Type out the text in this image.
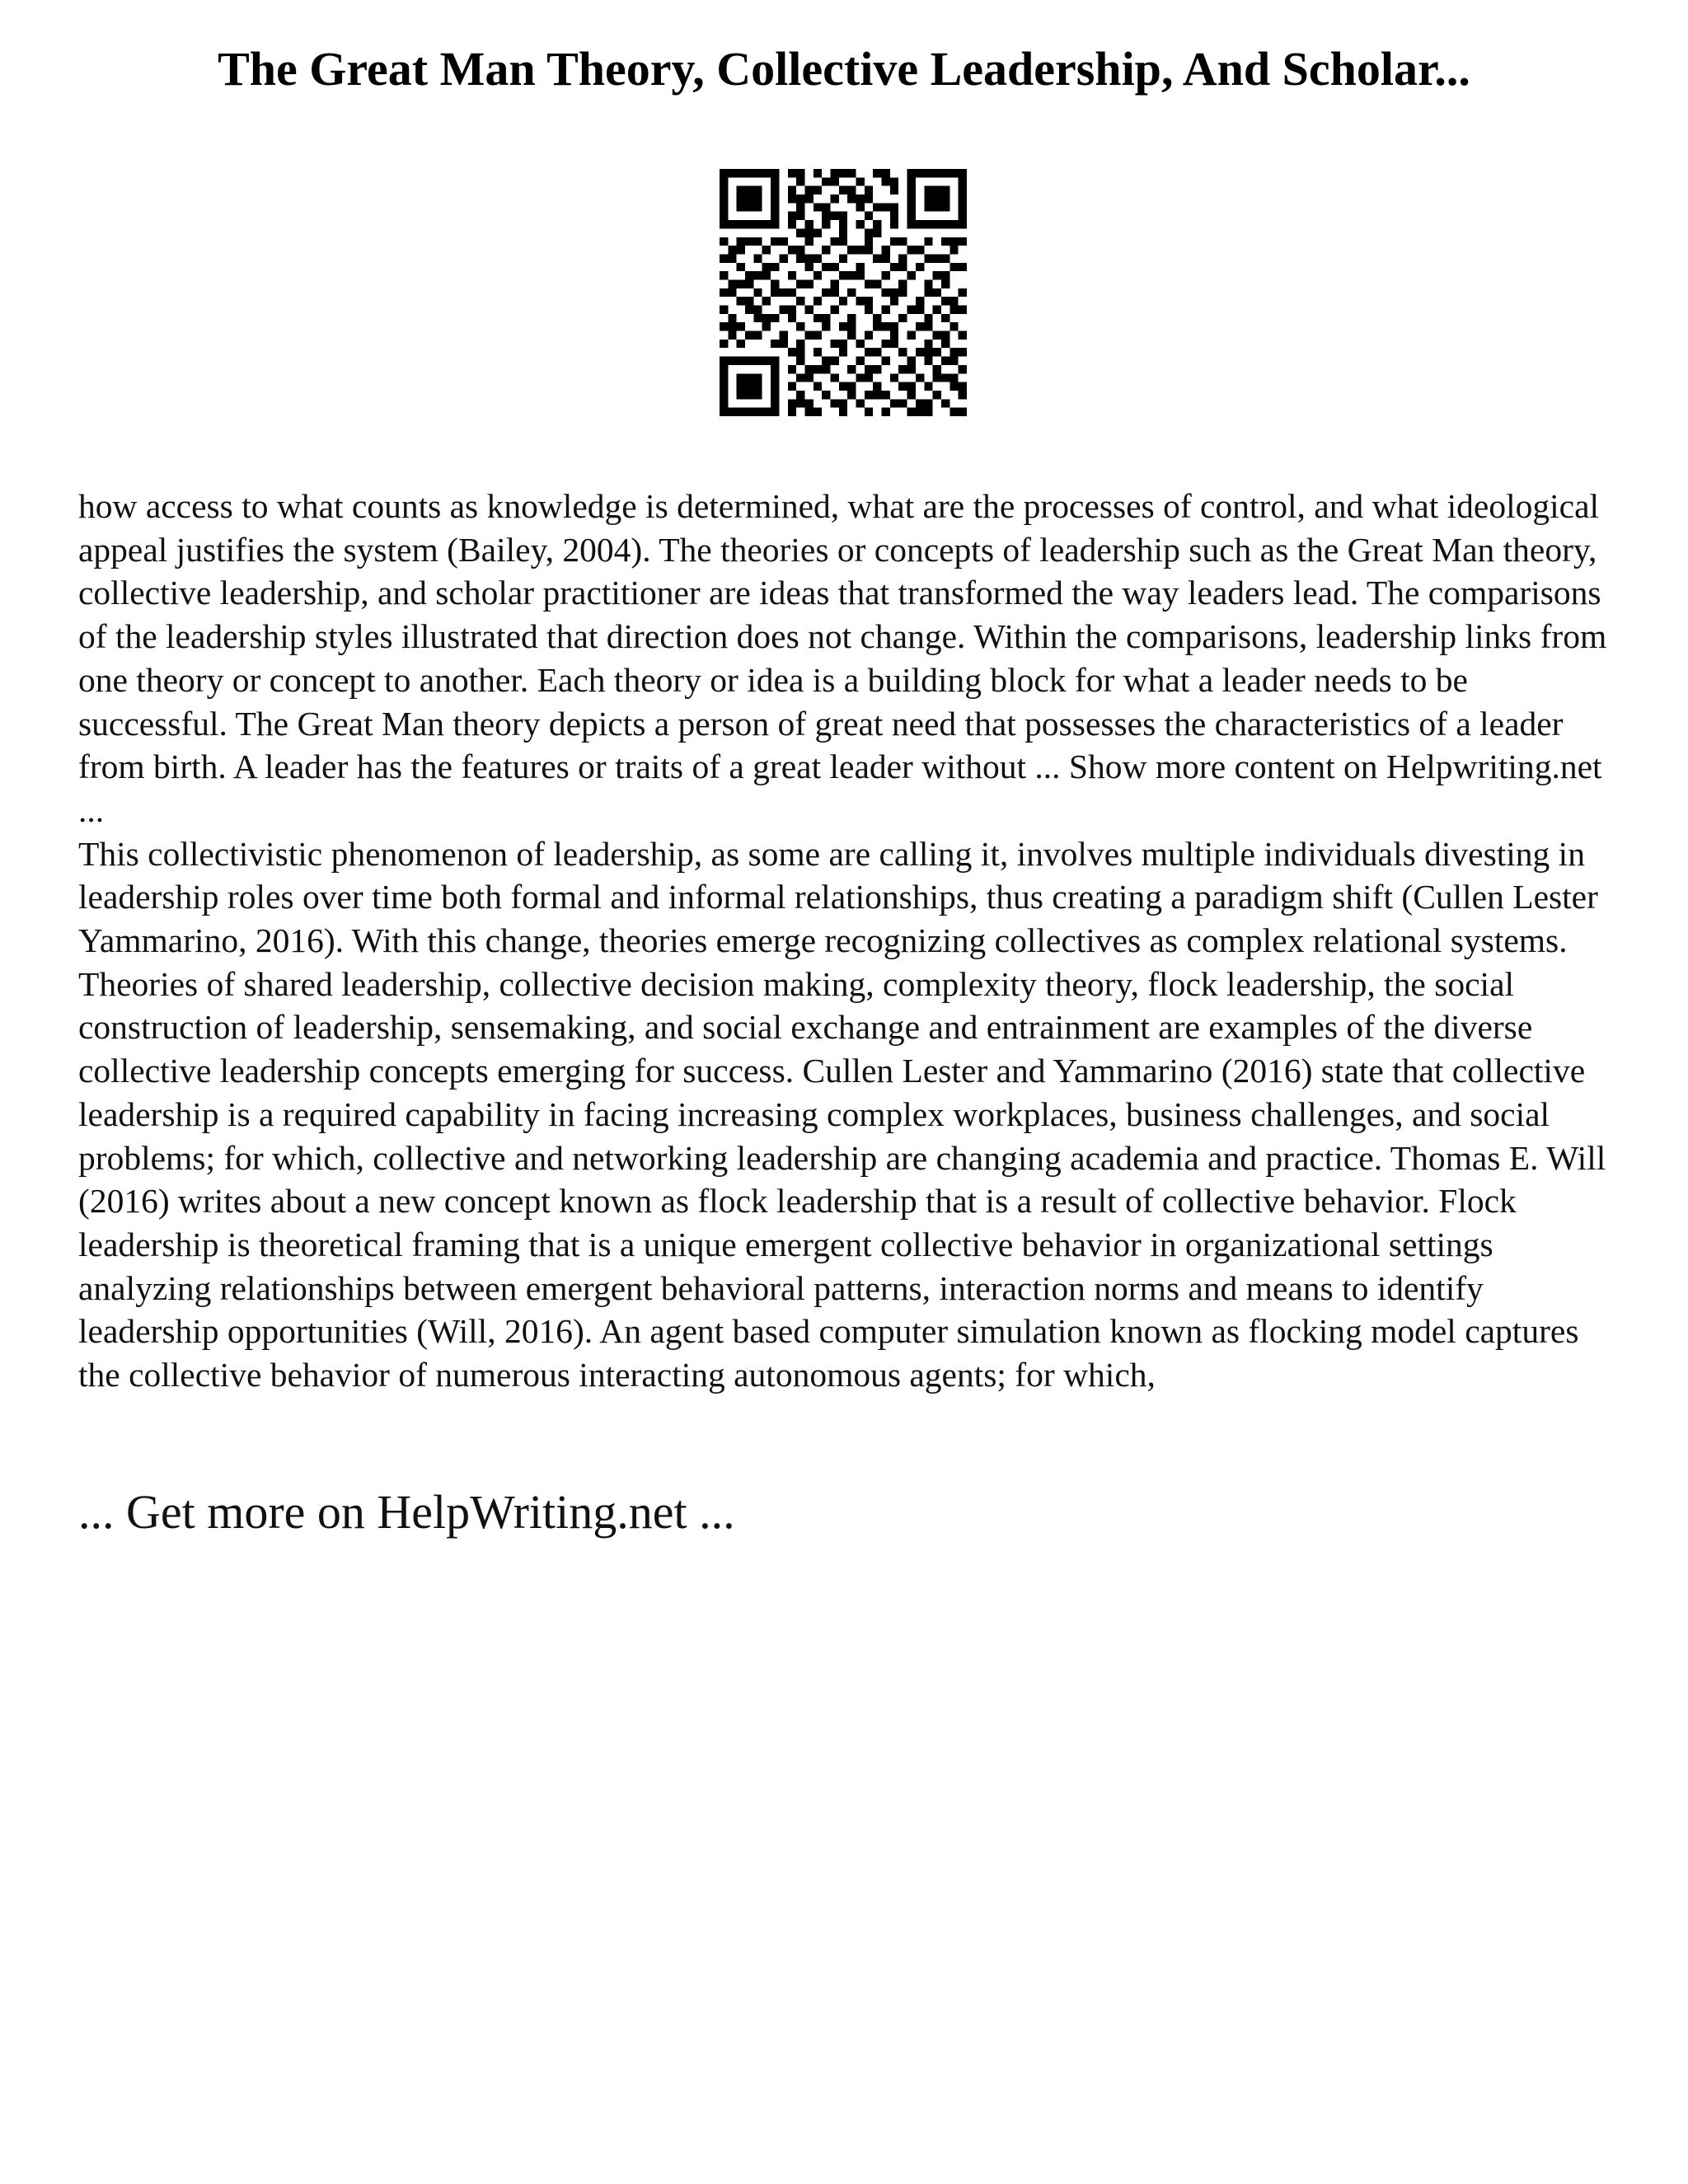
The Great Man Theory, Collective Leadership, And Scholar...

how access to what counts as knowledge is determined, what are the processes of control, and what ideological appeal justifies the system (Bailey, 2004). The theories or concepts of leadership such as the Great Man theory, collective leadership, and scholar practitioner are ideas that transformed the way leaders lead. The comparisons of the leadership styles illustrated that direction does not change. Within the comparisons, leadership links from one theory or concept to another. Each theory or idea is a building block for what a leader needs to be successful. The Great Man theory depicts a person of great need that possesses the characteristics of a leader from birth. A leader has the features or traits of a great leader without ... Show more content on Helpwriting.net ...

This collectivistic phenomenon of leadership, as some are calling it, involves multiple individuals divesting in leadership roles over time both formal and informal relationships, thus creating a paradigm shift (Cullen Lester Yammarino, 2016). With this change, theories emerge recognizing collectives as complex relational systems. Theories of shared leadership, collective decision making, complexity theory, flock leadership, the social construction of leadership, sensemaking, and social exchange and entrainment are examples of the diverse collective leadership concepts emerging for success. Cullen Lester and Yammarino (2016) state that collective leadership is a required capability in facing increasing complex workplaces, business challenges, and social problems; for which, collective and networking leadership are changing academia and practice. Thomas E. Will (2016) writes about a new concept known as flock leadership that is a result of collective behavior. Flock leadership is theoretical framing that is a unique emergent collective behavior in organizational settings analyzing relationships between emergent behavioral patterns, interaction norms and means to identify leadership opportunities (Will, 2016). An agent based computer simulation known as flocking model captures the collective behavior of numerous interacting autonomous agents; for which,

... Get more on HelpWriting.net ...
